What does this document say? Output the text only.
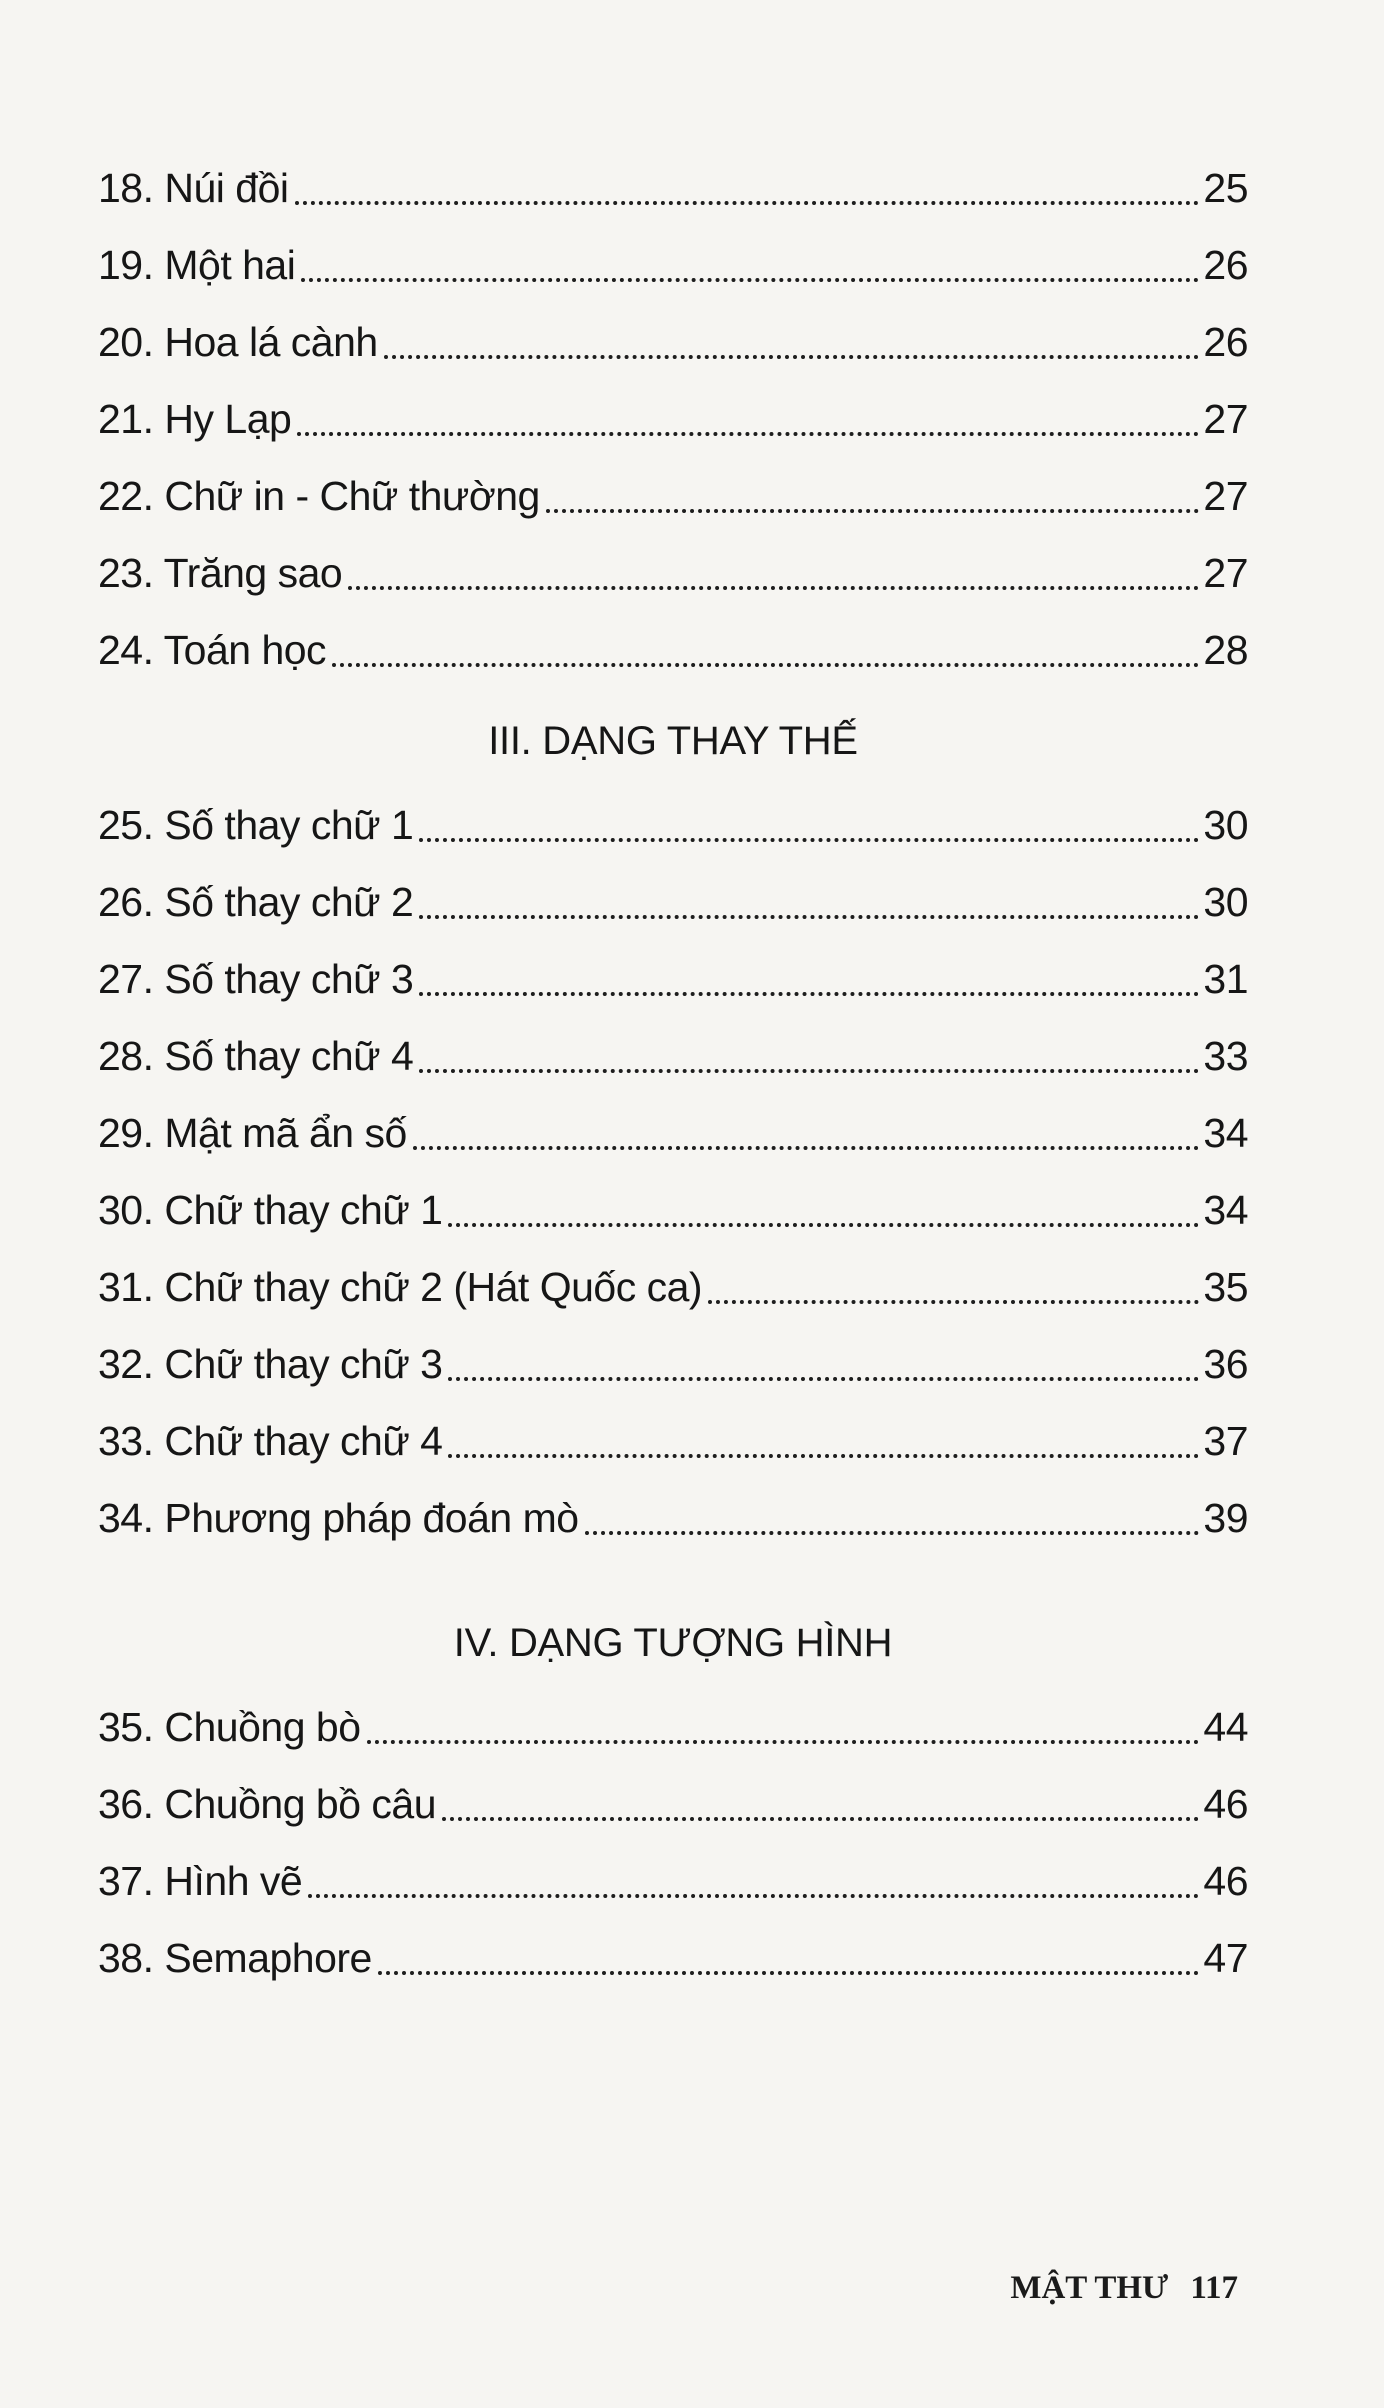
18. Núi đồi	25
19. Một hai	26
20. Hoa lá cành	26
21. Hy Lạp	27
22. Chữ in - Chữ thường	27
23. Trăng sao	27
24. Toán học	28
III. DẠNG THAY THẾ
25. Số thay chữ 1	30
26. Số thay chữ 2	30
27. Số thay chữ 3	31
28. Số thay chữ 4	33
29. Mật mã ẩn số	34
30. Chữ thay chữ 1	34
31. Chữ thay chữ 2 (Hát Quốc ca)	35
32. Chữ thay chữ 3	36
33. Chữ thay chữ 4	37
34. Phương pháp đoán mò	39
IV. DẠNG TƯỢNG HÌNH
35. Chuồng bò	44
36. Chuồng bồ câu	46
37. Hình vẽ	46
38. Semaphore	47
MẬT THƯ 117
